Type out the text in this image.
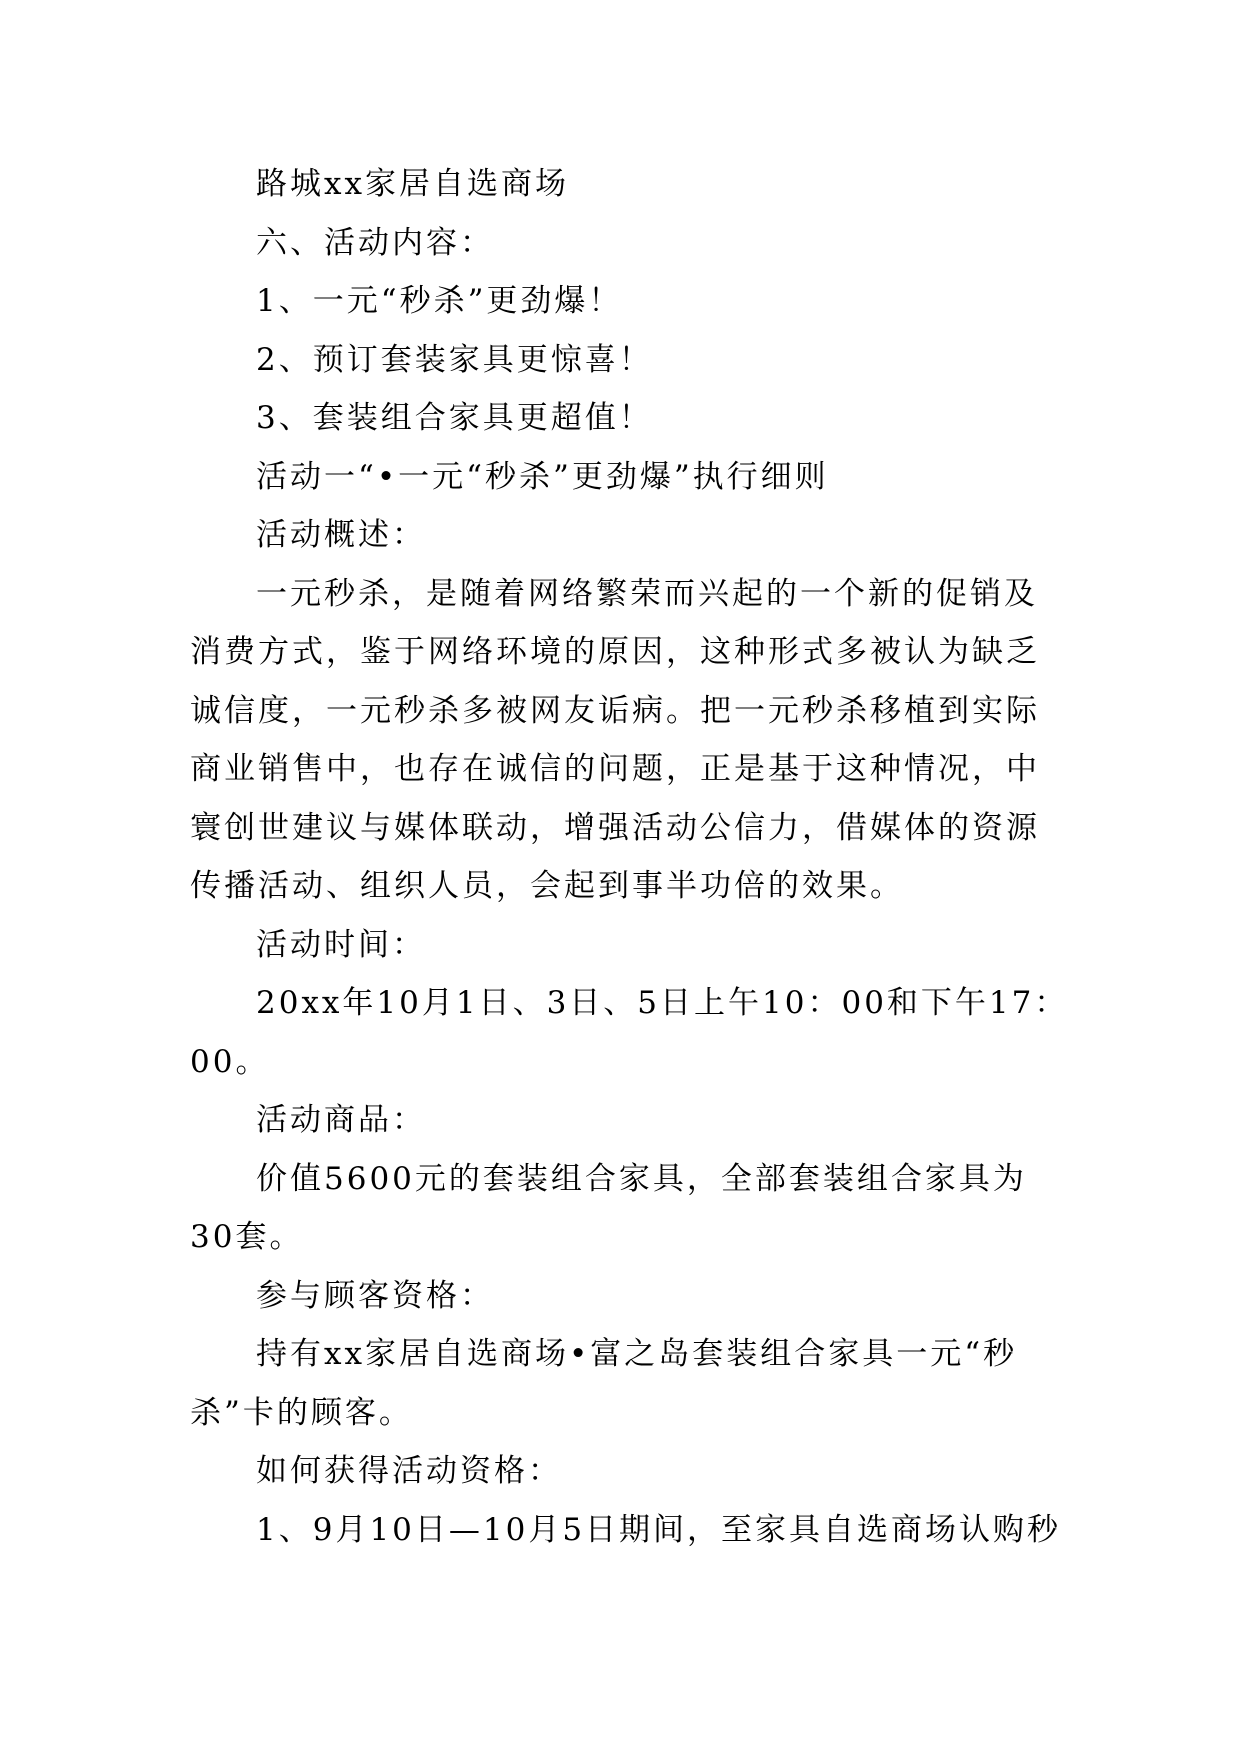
路城xx家居自选商场

六、活动内容：

1、一元“秒杀”更劲爆！

2、预订套装家具更惊喜！

3、套装组合家具更超值！

活动一“•一元“秒杀”更劲爆”执行细则

活动概述：

一元秒杀，是随着网络繁荣而兴起的一个新的促销及消费方式，鉴于网络环境的原因，这种形式多被认为缺乏诚信度，一元秒杀多被网友诟病。把一元秒杀移植到实际商业销售中，也存在诚信的问题，正是基于这种情况，中寰创世建议与媒体联动，增强活动公信力，借媒体的资源传播活动、组织人员，会起到事半功倍的效果。

活动时间：

20xx年10月1日、3日、5日上午10：00和下午17：00。

活动商品：

价值5600元的套装组合家具，全部套装组合家具为30套。

参与顾客资格：

持有xx家居自选商场•富之岛套装组合家具一元“秒杀”卡的顾客。

如何获得活动资格：

1、9月10日—10月5日期间，至家具自选商场认购秒
